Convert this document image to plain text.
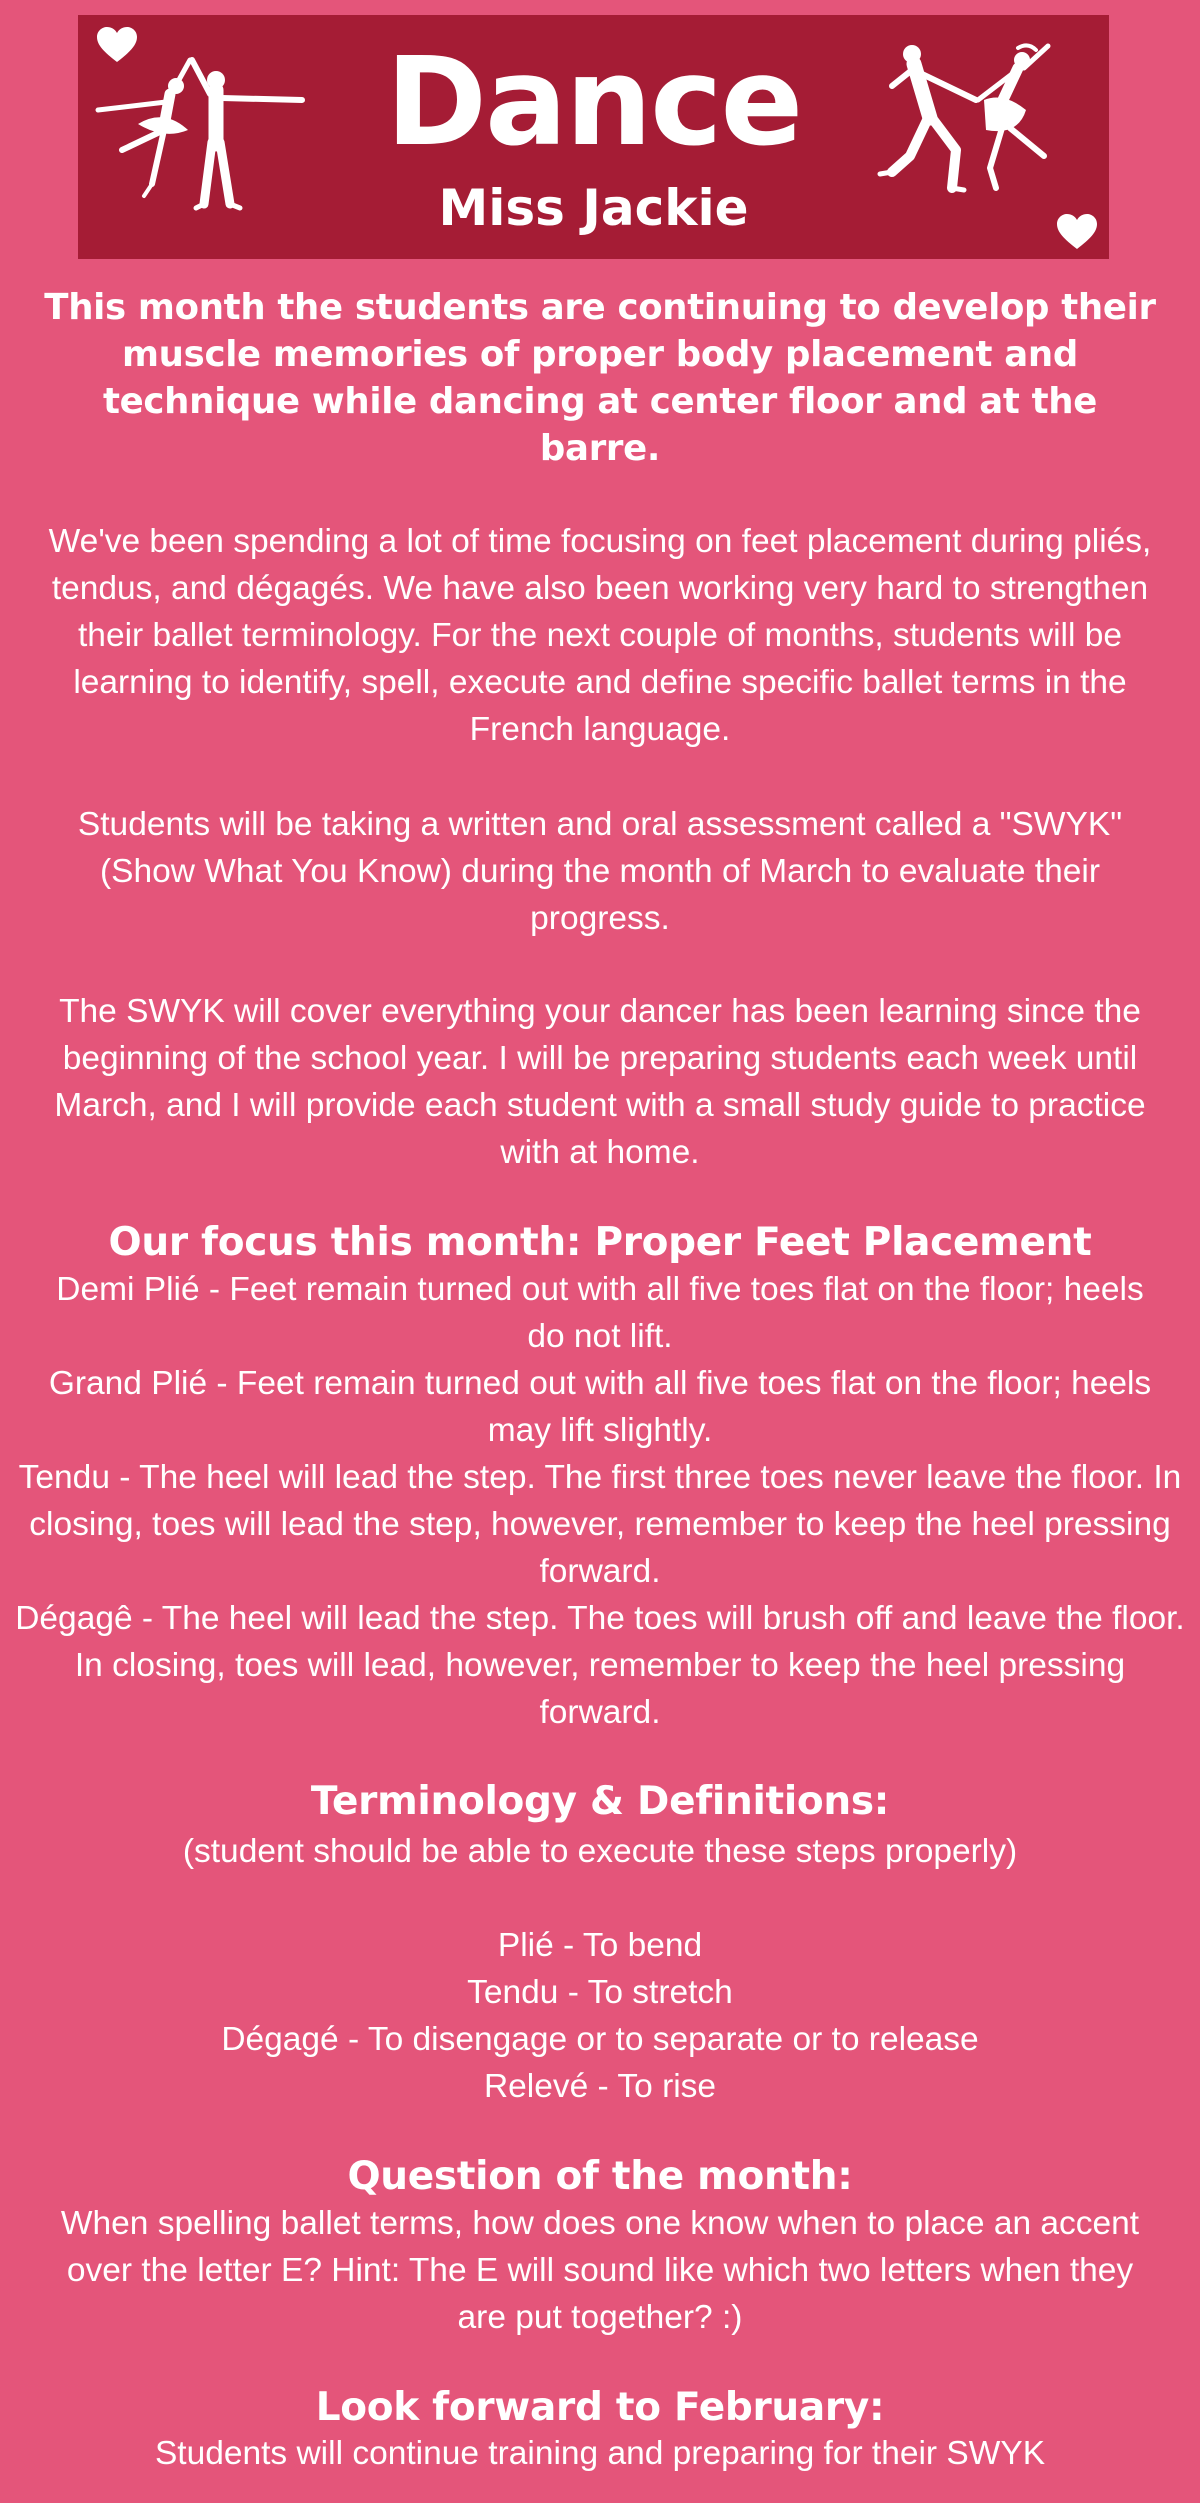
Dance
Miss Jackie

This month the students are continuing to develop their muscle memories of proper body placement and technique while dancing at center floor and at the barre.

We've been spending a lot of time focusing on feet placement during pliés, tendus, and dégagés. We have also been working very hard to strengthen their ballet terminology. For the next couple of months, students will be learning to identify, spell, execute and define specific ballet terms in the French language.

Students will be taking a written and oral assessment called a "SWYK" (Show What You Know) during the month of March to evaluate their progress.

The SWYK will cover everything your dancer has been learning since the beginning of the school year. I will be preparing students each week until March, and I will provide each student with a small study guide to practice with at home.

Our focus this month: Proper Feet Placement

Demi Plié - Feet remain turned out with all five toes flat on the floor; heels do not lift.
Grand Plié - Feet remain turned out with all five toes flat on the floor; heels may lift slightly.
Tendu - The heel will lead the step. The first three toes never leave the floor. In closing, toes will lead the step, however, remember to keep the heel pressing forward.
Dégagê - The heel will lead the step. The toes will brush off and leave the floor. In closing, toes will lead, however, remember to keep the heel pressing forward.

Terminology & Definitions:

(student should be able to execute these steps properly)
Plié - To bend
Tendu - To stretch
Dégagé - To disengage or to separate or to release
Relevé - To rise

Question of the month:

When spelling ballet terms, how does one know when to place an accent over the letter E? Hint: The E will sound like which two letters when they are put together? :)

Look forward to February:

Students will continue training and preparing for their SWYK
